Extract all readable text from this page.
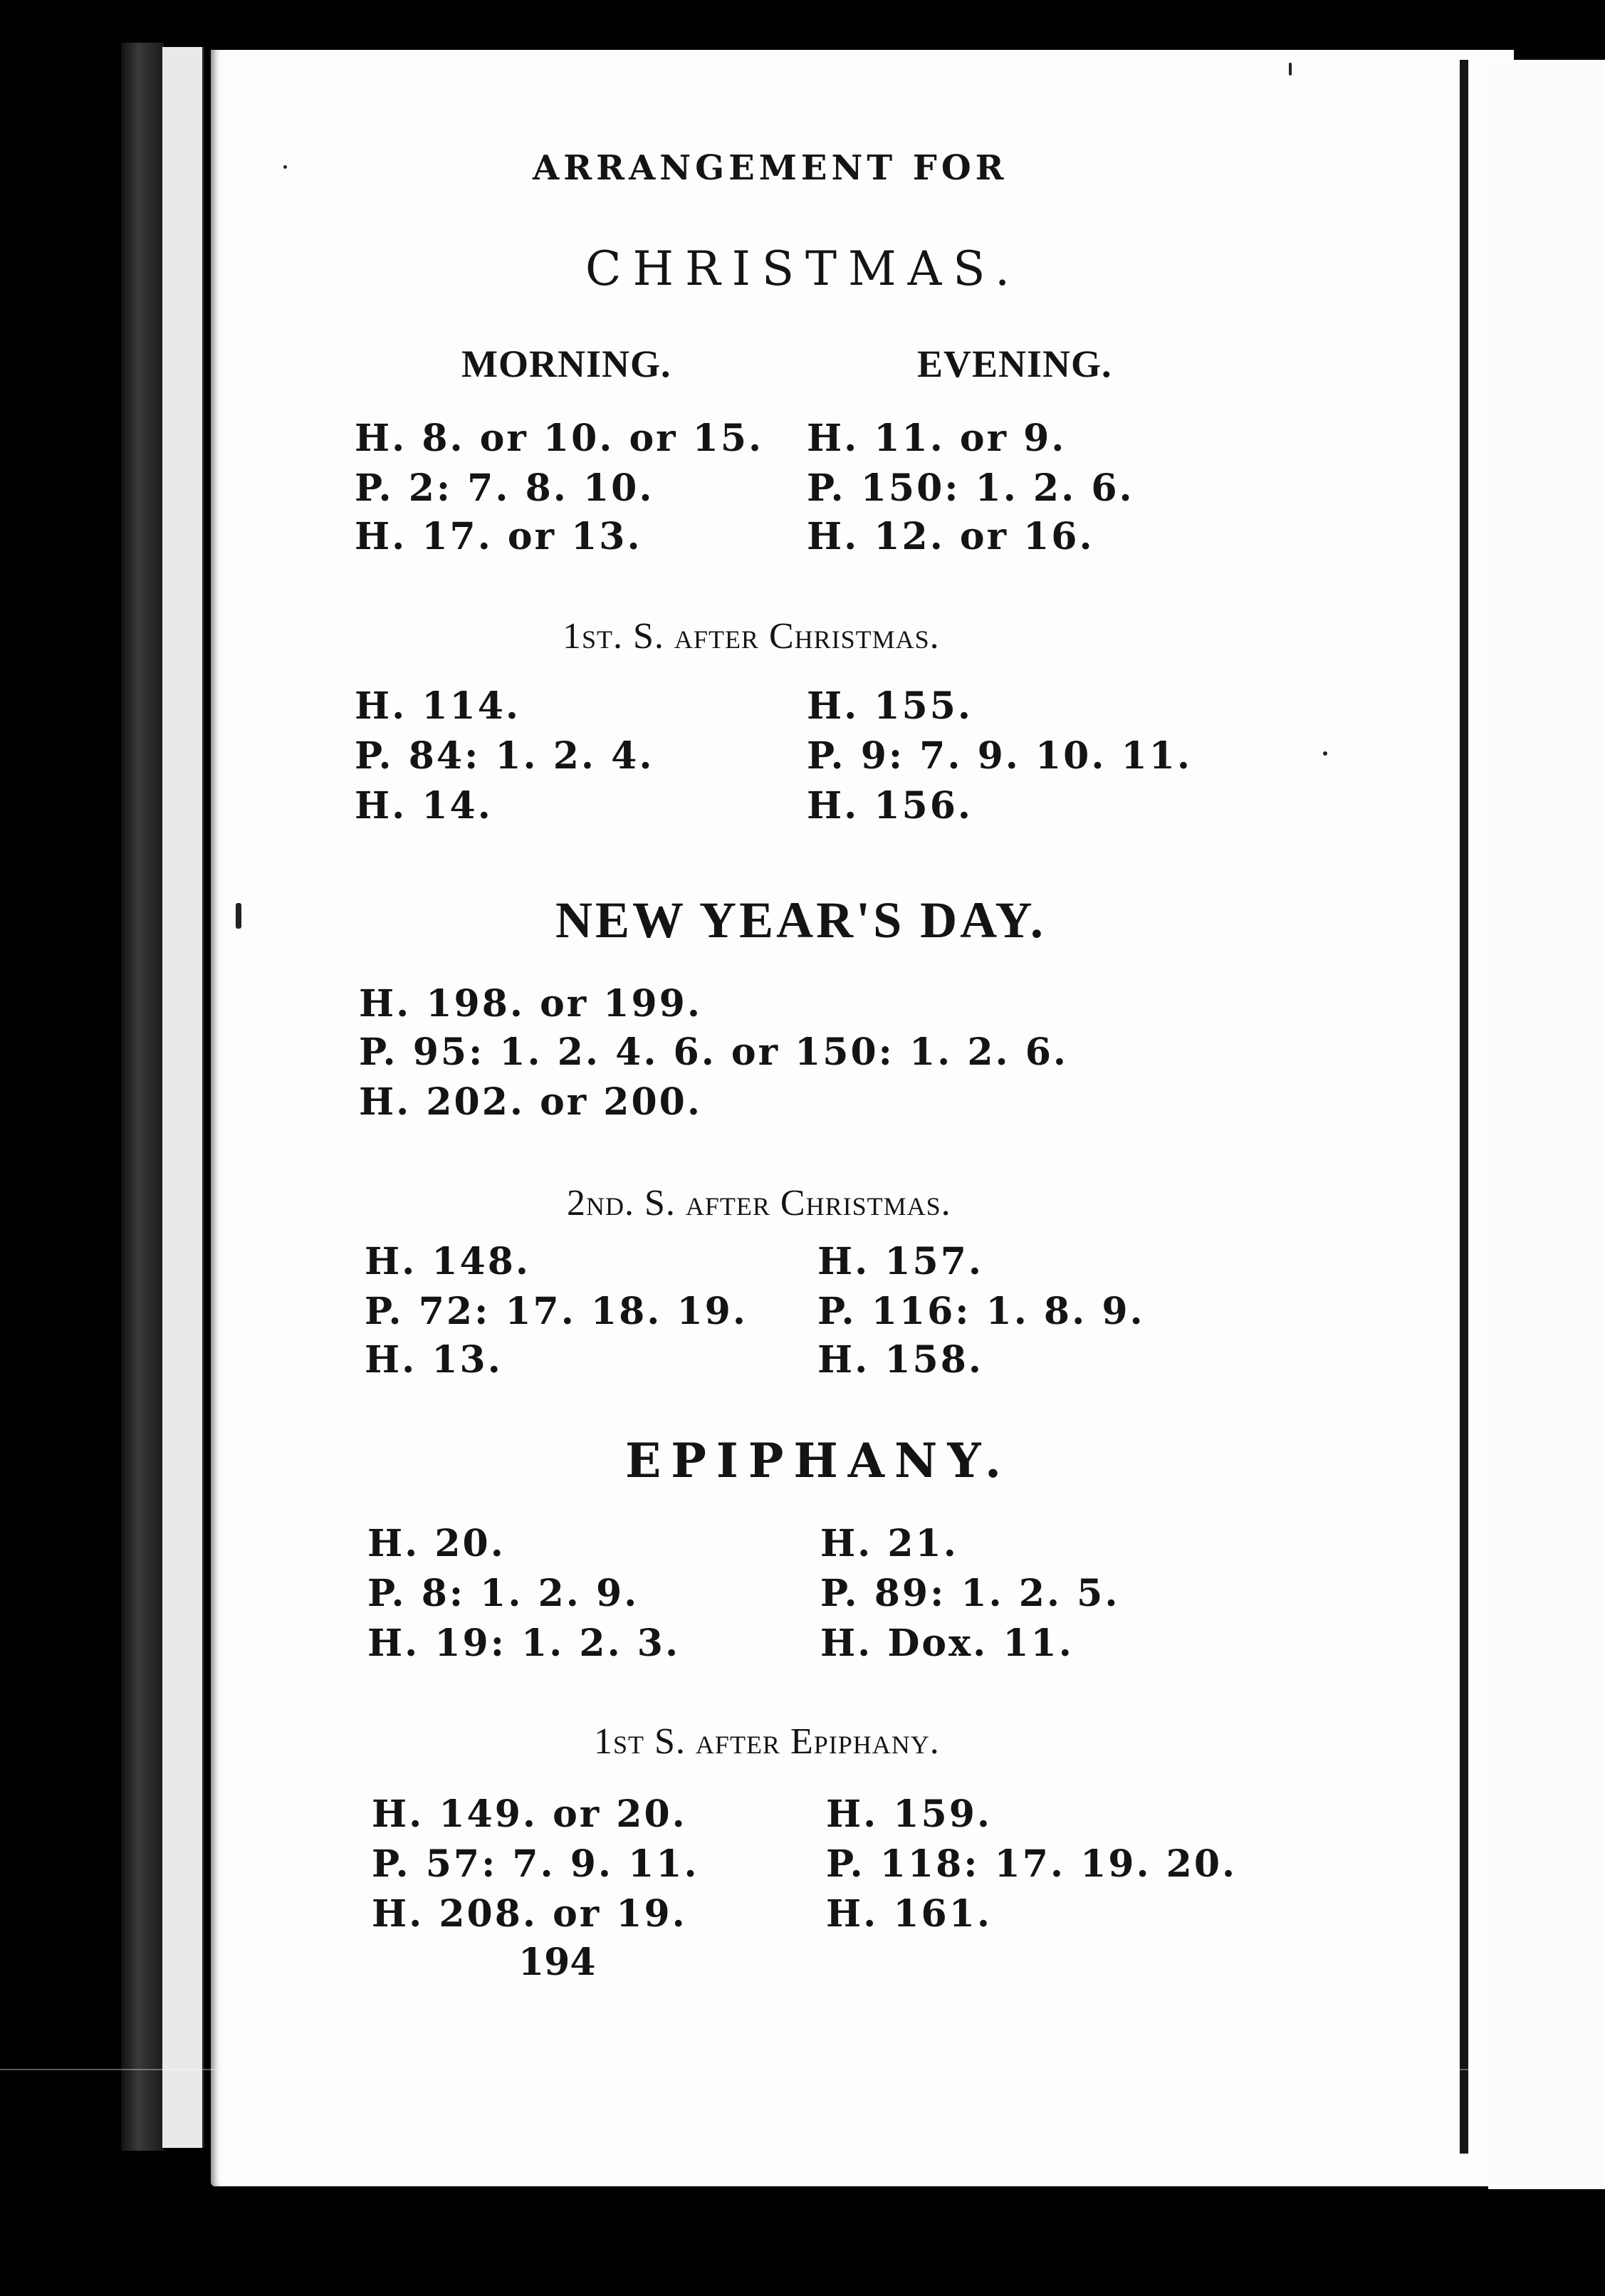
ARRANGEMENT FOR
CHRISTMAS.
MORNING.	EVENING.
H. 8. or 10. or 15.
P. 2: 7. 8. 10.
H. 17. or 13.
H. 11. or 9.
P. 150: 1. 2. 6.
H. 12. or 16.
1st. S. after Christmas.
H. 114.
P. 84: 1. 2. 4.
H. 14.
H. 155.
P. 9: 7. 9. 10. 11.
H. 156.
NEW YEAR'S DAY.
H. 198. or 199.
P. 95: 1. 2. 4. 6. or 150: 1. 2. 6.
H. 202. or 200.
2nd. S. after Christmas.
H. 148.
P. 72: 17. 18. 19.
H. 13.
H. 157.
P. 116: 1. 8. 9.
H. 158.
EPIPHANY.
H. 20.
P. 8: 1. 2. 9.
H. 19: 1. 2. 3.
H. 21.
P. 89: 1. 2. 5.
H. Dox. 11.
1st S. after Epiphany.
H. 149. or 20.
P. 57: 7. 9. 11.
H. 208. or 19.
H. 159.
P. 118: 17. 19. 20.
H. 161.
194
